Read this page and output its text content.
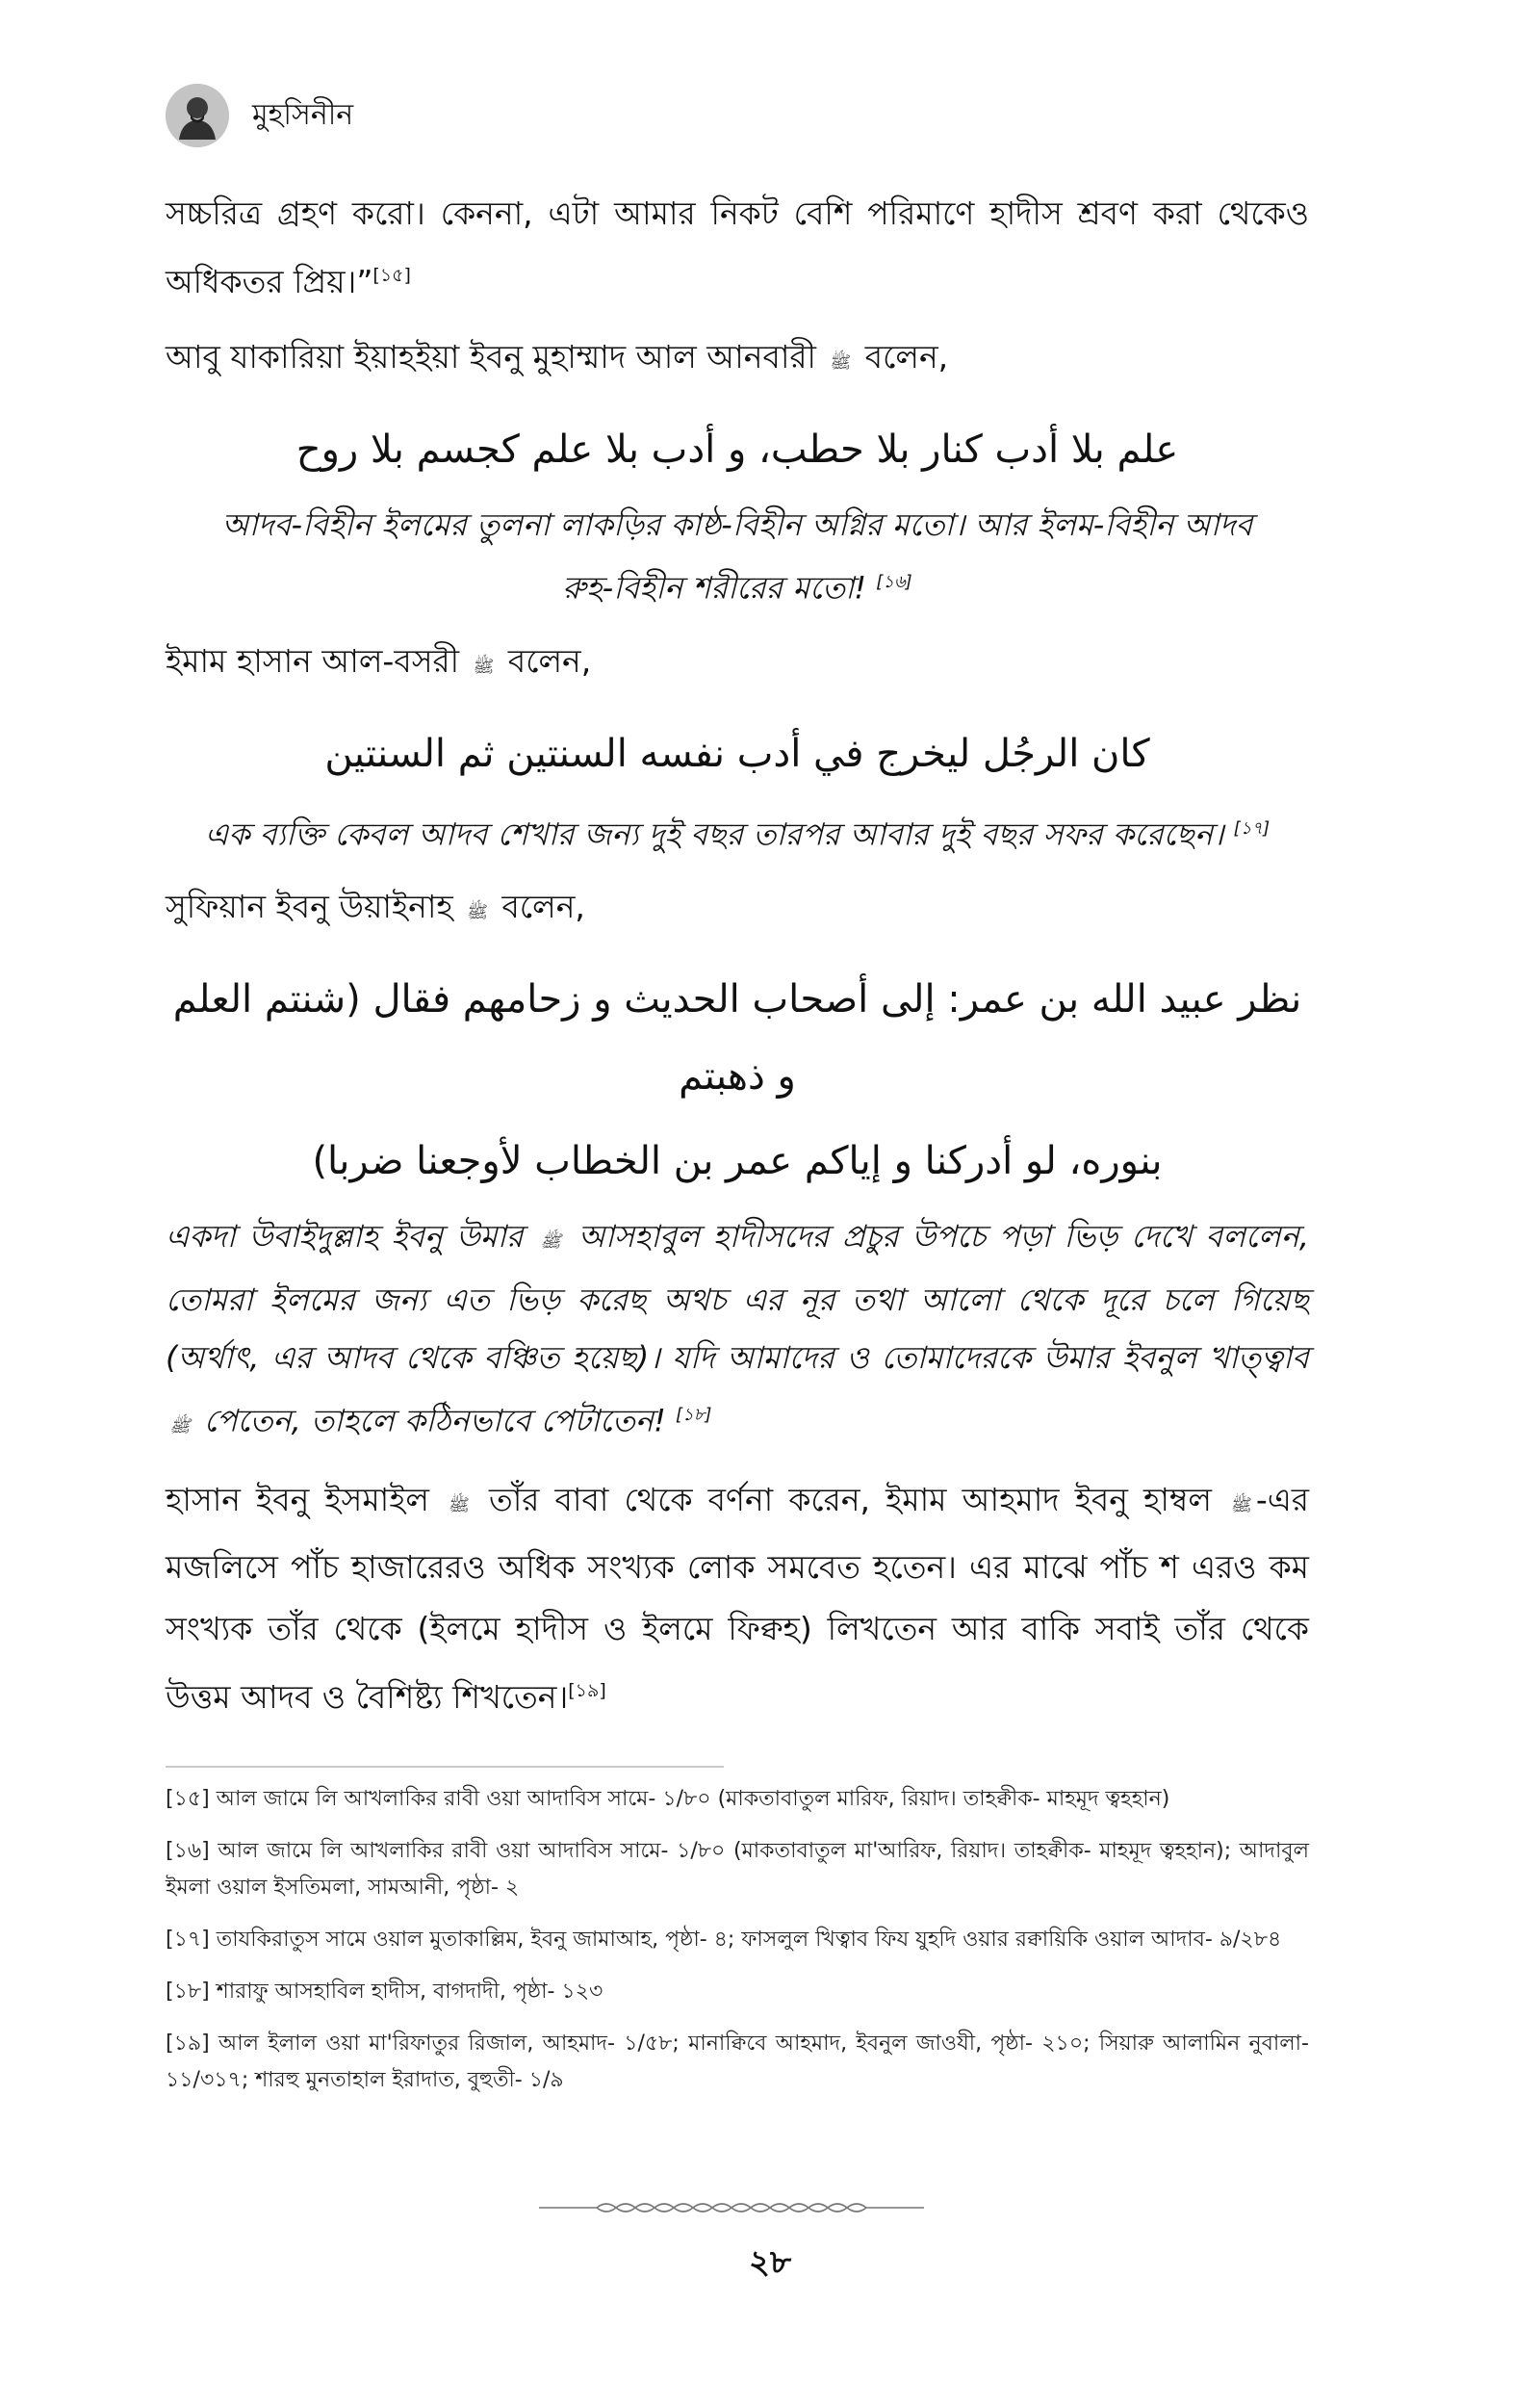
মুহসিনীন

সচ্চরিত্র গ্রহণ করো। কেননা, এটা আমার নিকট বেশি পরিমাণে হাদীস শ্রবণ করা থেকেও অধিকতর প্রিয়।”[১৫]

আবু যাকারিয়া ইয়াহইয়া ইবনু মুহাম্মাদ আল আনবারী ﷺ বলেন,

علم بلا أدب كنار بلا حطب، و أدب بلا علم كجسم بلا روح

আদব-বিহীন ইলমের তুলনা লাকড়ির কাষ্ঠ-বিহীন অগ্নির মতো। আর ইলম-বিহীন আদব রুহ-বিহীন শরীরের মতো! [১৬]

ইমাম হাসান আল-বসরী ﷺ বলেন,

كان الرجُل ليخرج في أدب نفسه السنتين ثم السنتين

এক ব্যক্তি কেবল আদব শেখার জন্য দুই বছর তারপর আবার দুই বছর সফর করেছেন। [১৭]

সুফিয়ান ইবনু উয়াইনাহ ﷺ বলেন,

نظر عبيد الله بن عمر: إلى أصحاب الحديث و زحامهم فقال (شنتم العلم و ذهبتم
بنوره، لو أدركنا و إياكم عمر بن الخطاب لأوجعنا ضربا)

একদা উবাইদুল্লাহ ইবনু উমার ﷺ আসহাবুল হাদীসদের প্রচুর উপচে পড়া ভিড় দেখে বললেন, তোমরা ইলমের জন্য এত ভিড় করেছ অথচ এর নূর তথা আলো থেকে দূরে চলে গিয়েছ (অর্থাৎ, এর আদব থেকে বঞ্চিত হয়েছ)। যদি আমাদের ও তোমাদেরকে উমার ইবনুল খাত্ত্বাব ﷺ পেতেন, তাহলে কঠিনভাবে পেটাতেন! [১৮]

হাসান ইবনু ইসমাইল ﷺ তাঁর বাবা থেকে বর্ণনা করেন, ইমাম আহমাদ ইবনু হাম্বল ﷺ -এর মজলিসে পাঁচ হাজারেরও অধিক সংখ্যক লোক সমবেত হতেন। এর মাঝে পাঁচ শ এরও কম সংখ্যক তাঁর থেকে (ইলমে হাদীস ও ইলমে ফিক্বহ) লিখতেন আর বাকি সবাই তাঁর থেকে উত্তম আদব ও বৈশিষ্ট্য শিখতেন।[১৯]

[১৫] আল জামে লি আখলাকির রাবী ওয়া আদাবিস সামে- ১/৮০ (মাকতাবাতুল মারিফ, রিয়াদ। তাহক্বীক- মাহমূদ ত্বহহান)

[১৬] আল জামে লি আখলাকির রাবী ওয়া আদাবিস সামে- ১/৮০ (মাকতাবাতুল মা'আরিফ, রিয়াদ। তাহক্বীক- মাহমূদ ত্বহহান); আদাবুল ইমলা ওয়াল ইসতিমলা, সামআনী, পৃষ্ঠা- ২

[১৭] তাযকিরাতুস সামে ওয়াল মুতাকাল্লিম, ইবনু জামাআহ, পৃষ্ঠা- ৪; ফাসলুল খিত্বাব ফিয যুহদি ওয়ার রক্বায়িকি ওয়াল আদাব- ৯/২৮৪

[১৮] শারাফু আসহাবিল হাদীস, বাগদাদী, পৃষ্ঠা- ১২৩

[১৯] আল ইলাল ওয়া মা'রিফাতুর রিজাল, আহমাদ- ১/৫৮; মানাক্বিবে আহমাদ, ইবনুল জাওযী, পৃষ্ঠা- ২১০; সিয়ারু আলামিন নুবালা- ১১/৩১৭; শারহু মুনতাহাল ইরাদাত, বুহুতী- ১/৯

২৮
